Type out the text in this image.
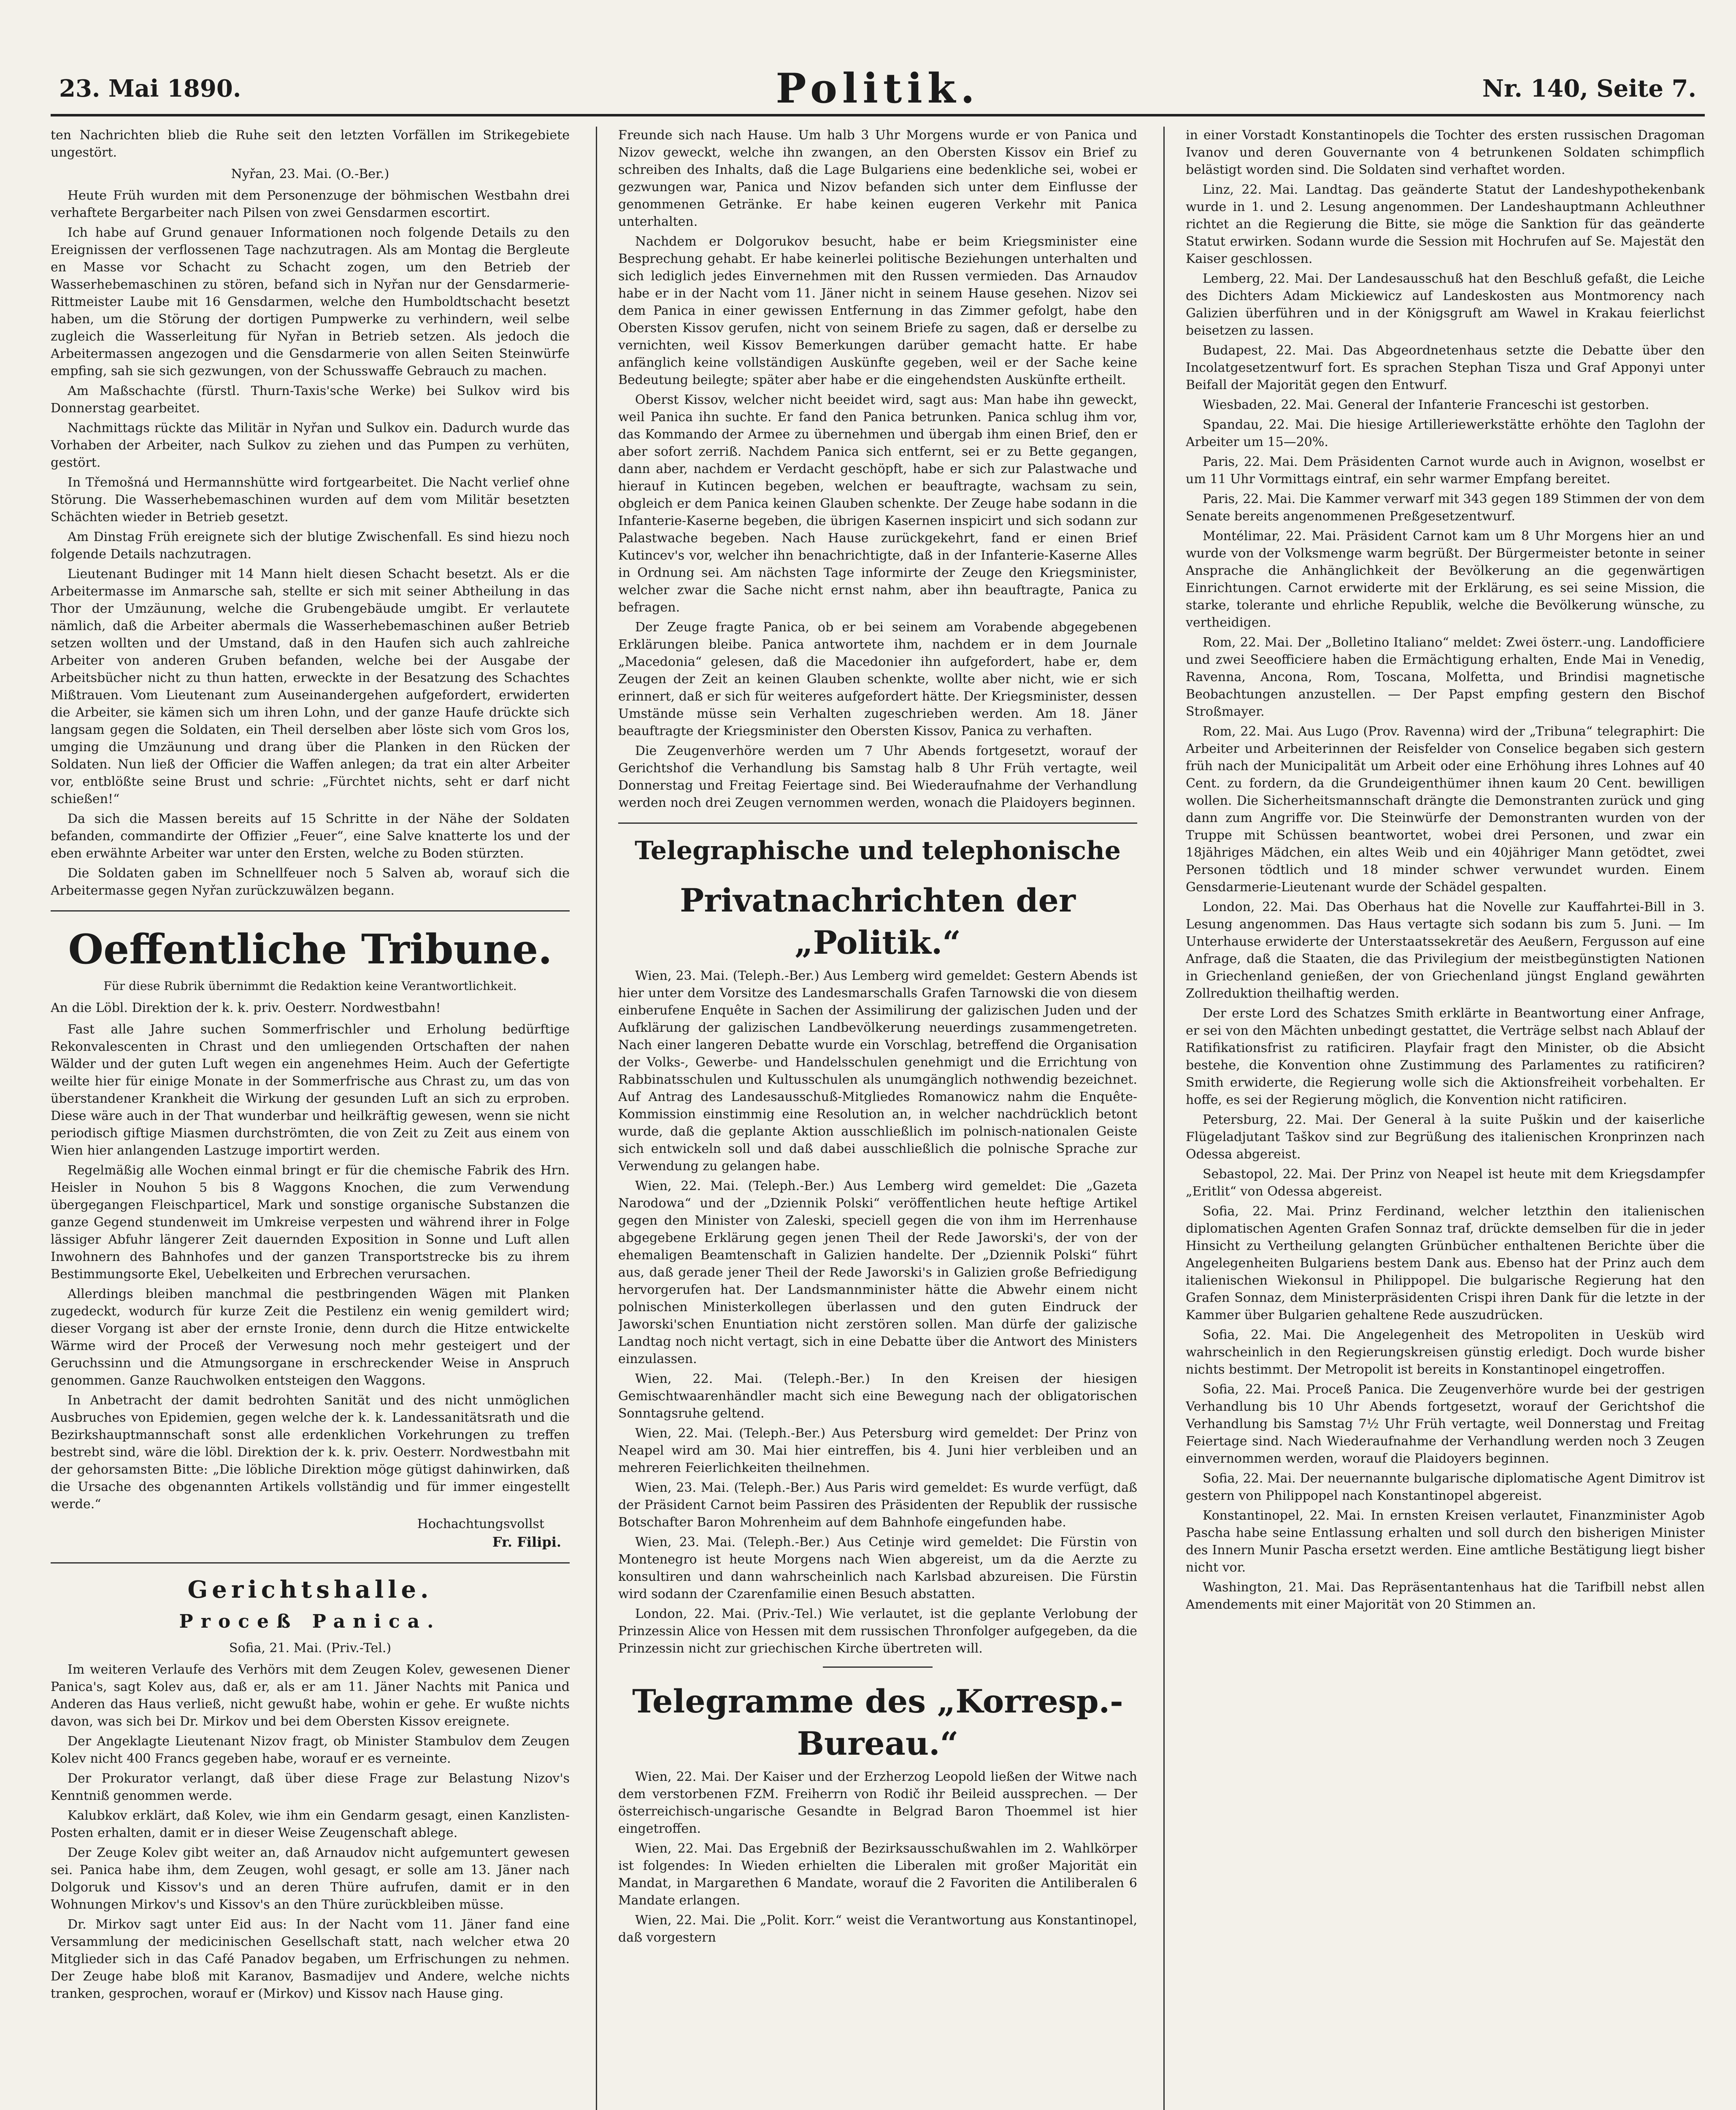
23. Mai 1890.	Politik.	Nr. 140, Seite 7.

ten Nachrichten blieb die Ruhe seit den letzten Vorfällen im Strikegebiete ungestört.

Nyřan, 23. Mai. (O.-Ber.)

Heute Früh wurden mit dem Personenzuge der böhmischen Westbahn drei verhaftete Bergarbeiter nach Pilsen von zwei Gensdarmen escortirt.

Ich habe auf Grund genauer Informationen noch folgende Details zu den Ereignissen der verflossenen Tage nachzutragen. Als am Montag die Bergleute en Masse vor Schacht zu Schacht zogen, um den Betrieb der Wasserhebemaschinen zu stören, befand sich in Nyřan nur der Gensdarmerie-Rittmeister Laube mit 16 Gensdarmen, welche den Humboldtschacht besetzt haben, um die Störung der dortigen Pumpwerke zu verhindern, weil selbe zugleich die Wasserleitung für Nyřan in Betrieb setzen. Als jedoch die Arbeitermassen angezogen und die Gensdarmerie von allen Seiten Steinwürfe empfing, sah sie sich gezwungen, von der Schusswaffe Gebrauch zu machen.

Am Maßschachte (fürstl. Thurn-Taxis'sche Werke) bei Sulkov wird bis Donnerstag gearbeitet.

Nachmittags rückte das Militär in Nyřan und Sulkov ein. Dadurch wurde das Vorhaben der Arbeiter, nach Sulkov zu ziehen und das Pumpen zu verhüten, gestört.

In Třemošná und Hermannshütte wird fortgearbeitet. Die Nacht verlief ohne Störung. Die Wasserhebemaschinen wurden auf dem vom Militär besetzten Schächten wieder in Betrieb gesetzt.

Am Dinstag Früh ereignete sich der blutige Zwischenfall. Es sind hiezu noch folgende Details nachzutragen.

Lieutenant Budinger mit 14 Mann hielt diesen Schacht besetzt. Als er die Arbeitermasse im Anmarsche sah, stellte er sich mit seiner Abtheilung in das Thor der Umzäunung, welche die Grubengebäude umgibt. Er verlautete nämlich, daß die Arbeiter abermals die Wasserhebemaschinen außer Betrieb setzen wollten und der Umstand, daß in den Haufen sich auch zahlreiche Arbeiter von anderen Gruben befanden, welche bei der Ausgabe der Arbeitsbücher nicht zu thun hatten, erweckte in der Besatzung des Schachtes Mißtrauen. Vom Lieutenant zum Auseinandergehen aufgefordert, erwiderten die Arbeiter, sie kämen sich um ihren Lohn, und der ganze Haufe drückte sich langsam gegen die Soldaten, ein Theil derselben aber löste sich vom Gros los, umging die Umzäunung und drang über die Planken in den Rücken der Soldaten. Nun ließ der Officier die Waffen anlegen; da trat ein alter Arbeiter vor, entblößte seine Brust und schrie: „Fürchtet nichts, seht er darf nicht schießen!“

Da sich die Massen bereits auf 15 Schritte in der Nähe der Soldaten befanden, commandirte der Offizier „Feuer“, eine Salve knatterte los und der eben erwähnte Arbeiter war unter den Ersten, welche zu Boden stürzten.

Die Soldaten gaben im Schnellfeuer noch 5 Salven ab, worauf sich die Arbeitermasse gegen Nyřan zurückzuwälzen begann.

Oeffentliche Tribune.
Für diese Rubrik übernimmt die Redaktion keine Verantwortlichkeit.
An die Löbl. Direktion der k. k. priv. Oesterr. Nordwestbahn!

Fast alle Jahre suchen Sommerfrischler und Erholung bedürftige Rekonvalescenten in Chrast und den umliegenden Ortschaften der nahen Wälder und der guten Luft wegen ein angenehmes Heim. Auch der Gefertigte weilte hier für einige Monate in der Sommerfrische aus Chrast zu, um das von überstandener Krankheit die Wirkung der gesunden Luft an sich zu erproben. Diese wäre auch in der That wunderbar und heilkräftig gewesen, wenn sie nicht periodisch giftige Miasmen durchströmten, die von Zeit zu Zeit aus einem von Wien hier anlangenden Lastzuge importirt werden.

Regelmäßig alle Wochen einmal bringt er für die chemische Fabrik des Hrn. Heisler in Nouhon 5 bis 8 Waggons Knochen, die zum Verwendung übergegangen Fleischparticel, Mark und sonstige organische Substanzen die ganze Gegend stundenweit im Umkreise verpesten und während ihrer in Folge lässiger Abfuhr längerer Zeit dauernden Exposition in Sonne und Luft allen Inwohnern des Bahnhofes und der ganzen Transportstrecke bis zu ihrem Bestimmungsorte Ekel, Uebelkeiten und Erbrechen verursachen.

Allerdings bleiben manchmal die pestbringenden Wägen mit Planken zugedeckt, wodurch für kurze Zeit die Pestilenz ein wenig gemildert wird; dieser Vorgang ist aber der ernste Ironie, denn durch die Hitze entwickelte Wärme wird der Proceß der Verwesung noch mehr gesteigert und der Geruchssinn und die Atmungsorgane in erschreckender Weise in Anspruch genommen. Ganze Rauchwolken entsteigen den Waggons.

In Anbetracht der damit bedrohten Sanität und des nicht unmöglichen Ausbruches von Epidemien, gegen welche der k. k. Landessanitätsrath und die Bezirkshauptmannschaft sonst alle erdenklichen Vorkehrungen zu treffen bestrebt sind, wäre die löbl. Direktion der k. k. priv. Oesterr. Nordwestbahn mit der gehorsamsten Bitte: „Die löbliche Direktion möge gütigst dahinwirken, daß die Ursache des obgenannten Artikels vollständig und für immer eingestellt werde.“

Hochachtungsvollst
Fr. Filipi.
Gerichtshalle.
Proceß Panica.
Sofia, 21. Mai. (Priv.-Tel.)

Im weiteren Verlaufe des Verhörs mit dem Zeugen Kolev, gewesenen Diener Panica's, sagt Kolev aus, daß er, als er am 11. Jäner Nachts mit Panica und Anderen das Haus verließ, nicht gewußt habe, wohin er gehe. Er wußte nichts davon, was sich bei Dr. Mirkov und bei dem Obersten Kissov ereignete.

Der Angeklagte Lieutenant Nizov fragt, ob Minister Stambulov dem Zeugen Kolev nicht 400 Francs gegeben habe, worauf er es verneinte.

Der Prokurator verlangt, daß über diese Frage zur Belastung Nizov's Kenntniß genommen werde.

Kalubkov erklärt, daß Kolev, wie ihm ein Gendarm gesagt, einen Kanzlisten-Posten erhalten, damit er in dieser Weise Zeugenschaft ablege.

Der Zeuge Kolev gibt weiter an, daß Arnaudov nicht aufgemuntert gewesen sei. Panica habe ihm, dem Zeugen, wohl gesagt, er solle am 13. Jäner nach Dolgoruk und Kissov's und an deren Thüre aufrufen, damit er in den Wohnungen Mirkov's und Kissov's an den Thüre zurückbleiben müsse.

Dr. Mirkov sagt unter Eid aus: In der Nacht vom 11. Jäner fand eine Versammlung der medicinischen Gesellschaft statt, nach welcher etwa 20 Mitglieder sich in das Café Panadov begaben, um Erfrischungen zu nehmen. Der Zeuge habe bloß mit Karanov, Basmadijev und Andere, welche nichts tranken, gesprochen, worauf er (Mirkov) und Kissov nach Hause ging.

Freunde sich nach Hause. Um halb 3 Uhr Morgens wurde er von Panica und Nizov geweckt, welche ihn zwangen, an den Obersten Kissov ein Brief zu schreiben des Inhalts, daß die Lage Bulgariens eine bedenkliche sei, wobei er gezwungen war, Panica und Nizov befanden sich unter dem Einflusse der genommenen Getränke. Er habe keinen eugeren Verkehr mit Panica unterhalten.

Nachdem er Dolgorukov besucht, habe er beim Kriegsminister eine Besprechung gehabt. Er habe keinerlei politische Beziehungen unterhalten und sich lediglich jedes Einvernehmen mit den Russen vermieden. Das Arnaudov habe er in der Nacht vom 11. Jäner nicht in seinem Hause gesehen. Nizov sei dem Panica in einer gewissen Entfernung in das Zimmer gefolgt, habe den Obersten Kissov gerufen, nicht von seinem Briefe zu sagen, daß er derselbe zu vernichten, weil Kissov Bemerkungen darüber gemacht hatte. Er habe anfänglich keine vollständigen Auskünfte gegeben, weil er der Sache keine Bedeutung beilegte; später aber habe er die eingehendsten Auskünfte ertheilt.

Oberst Kissov, welcher nicht beeidet wird, sagt aus: Man habe ihn geweckt, weil Panica ihn suchte. Er fand den Panica betrunken. Panica schlug ihm vor, das Kommando der Armee zu übernehmen und übergab ihm einen Brief, den er aber sofort zerriß. Nachdem Panica sich entfernt, sei er zu Bette gegangen, dann aber, nachdem er Verdacht geschöpft, habe er sich zur Palastwache und hierauf in Kutincen begeben, welchen er beauftragte, wachsam zu sein, obgleich er dem Panica keinen Glauben schenkte. Der Zeuge habe sodann in die Infanterie-Kaserne begeben, die übrigen Kasernen inspicirt und sich sodann zur Palastwache begeben. Nach Hause zurückgekehrt, fand er einen Brief Kutincev's vor, welcher ihn benachrichtigte, daß in der Infanterie-Kaserne Alles in Ordnung sei. Am nächsten Tage informirte der Zeuge den Kriegsminister, welcher zwar die Sache nicht ernst nahm, aber ihn beauftragte, Panica zu befragen.

Der Zeuge fragte Panica, ob er bei seinem am Vorabende abgegebenen Erklärungen bleibe. Panica antwortete ihm, nachdem er in dem Journale „Macedonia“ gelesen, daß die Macedonier ihn aufgefordert, habe er, dem Zeugen der Zeit an keinen Glauben schenkte, wollte aber nicht, wie er sich erinnert, daß er sich für weiteres aufgefordert hätte. Der Kriegsminister, dessen Umstände müsse sein Verhalten zugeschrieben werden. Am 18. Jäner beauftragte der Kriegsminister den Obersten Kissov, Panica zu verhaften.

Die Zeugenverhöre werden um 7 Uhr Abends fortgesetzt, worauf der Gerichtshof die Verhandlung bis Samstag halb 8 Uhr Früh vertagte, weil Donnerstag und Freitag Feiertage sind. Bei Wiederaufnahme der Verhandlung werden noch drei Zeugen vernommen werden, wonach die Plaidoyers beginnen.

Telegraphische und telephonische
Privatnachrichten der „Politik.“

Wien, 23. Mai. (Teleph.-Ber.) Aus Lemberg wird gemeldet: Gestern Abends ist hier unter dem Vorsitze des Landesmarschalls Grafen Tarnowski die von diesem einberufene Enquête in Sachen der Assimilirung der galizischen Juden und der Aufklärung der galizischen Landbevölkerung neuerdings zusammengetreten. Nach einer langeren Debatte wurde ein Vorschlag, betreffend die Organisation der Volks-, Gewerbe- und Handelsschulen genehmigt und die Errichtung von Rabbinatsschulen und Kultusschulen als unumgänglich nothwendig bezeichnet. Auf Antrag des Landesausschuß-Mitgliedes Romanowicz nahm die Enquête-Kommission einstimmig eine Resolution an, in welcher nachdrücklich betont wurde, daß die geplante Aktion ausschließlich im polnisch-nationalen Geiste sich entwickeln soll und daß dabei ausschließlich die polnische Sprache zur Verwendung zu gelangen habe.

Wien, 22. Mai. (Teleph.-Ber.) Aus Lemberg wird gemeldet: Die „Gazeta Narodowa“ und der „Dziennik Polski“ veröffentlichen heute heftige Artikel gegen den Minister von Zaleski, speciell gegen die von ihm im Herrenhause abgegebene Erklärung gegen jenen Theil der Rede Jaworski's, der von der ehemaligen Beamtenschaft in Galizien handelte. Der „Dziennik Polski“ führt aus, daß gerade jener Theil der Rede Jaworski's in Galizien große Befriedigung hervorgerufen hat. Der Landsmannminister hätte die Abwehr einem nicht polnischen Ministerkollegen überlassen und den guten Eindruck der Jaworski'schen Enuntiation nicht zerstören sollen. Man dürfe der galizische Landtag noch nicht vertagt, sich in eine Debatte über die Antwort des Ministers einzulassen.

Wien, 22. Mai. (Teleph.-Ber.) In den Kreisen der hiesigen Gemischtwaarenhändler macht sich eine Bewegung nach der obligatorischen Sonntagsruhe geltend.

Wien, 22. Mai. (Teleph.-Ber.) Aus Petersburg wird gemeldet: Der Prinz von Neapel wird am 30. Mai hier eintreffen, bis 4. Juni hier verbleiben und an mehreren Feierlichkeiten theilnehmen.

Wien, 23. Mai. (Teleph.-Ber.) Aus Paris wird gemeldet: Es wurde verfügt, daß der Präsident Carnot beim Passiren des Präsidenten der Republik der russische Botschafter Baron Mohrenheim auf dem Bahnhofe eingefunden habe.

Wien, 23. Mai. (Teleph.-Ber.) Aus Cetinje wird gemeldet: Die Fürstin von Montenegro ist heute Morgens nach Wien abgereist, um da die Aerzte zu konsultiren und dann wahrscheinlich nach Karlsbad abzureisen. Die Fürstin wird sodann der Czarenfamilie einen Besuch abstatten.

London, 22. Mai. (Priv.-Tel.) Wie verlautet, ist die geplante Verlobung der Prinzessin Alice von Hessen mit dem russischen Thronfolger aufgegeben, da die Prinzessin nicht zur griechischen Kirche übertreten will.

Telegramme des „Korresp.-Bureau.“

Wien, 22. Mai. Der Kaiser und der Erzherzog Leopold ließen der Witwe nach dem verstorbenen FZM. Freiherrn von Rodič ihr Beileid aussprechen. — Der österreichisch-ungarische Gesandte in Belgrad Baron Thoemmel ist hier eingetroffen.

Wien, 22. Mai. Das Ergebniß der Bezirksausschußwahlen im 2. Wahlkörper ist folgendes: In Wieden erhielten die Liberalen mit großer Majorität ein Mandat, in Margarethen 6 Mandate, worauf die 2 Favoriten die Antiliberalen 6 Mandate erlangen.

Wien, 22. Mai. Die „Polit. Korr.“ weist die Verantwortung aus Konstantinopel, daß vorgestern

in einer Vorstadt Konstantinopels die Tochter des ersten russischen Dragoman Ivanov und deren Gouvernante von 4 betrunkenen Soldaten schimpflich belästigt worden sind. Die Soldaten sind verhaftet worden.

Linz, 22. Mai. Landtag. Das geänderte Statut der Landeshypothekenbank wurde in 1. und 2. Lesung angenommen. Der Landeshauptmann Achleuthner richtet an die Regierung die Bitte, sie möge die Sanktion für das geänderte Statut erwirken. Sodann wurde die Session mit Hochrufen auf Se. Majestät den Kaiser geschlossen.

Lemberg, 22. Mai. Der Landesausschuß hat den Beschluß gefaßt, die Leiche des Dichters Adam Mickiewicz auf Landeskosten aus Montmorency nach Galizien überführen und in der Königsgruft am Wawel in Krakau feierlichst beisetzen zu lassen.

Budapest, 22. Mai. Das Abgeordnetenhaus setzte die Debatte über den Incolatgesetzentwurf fort. Es sprachen Stephan Tisza und Graf Apponyi unter Beifall der Majorität gegen den Entwurf.

Wiesbaden, 22. Mai. General der Infanterie Franceschi ist gestorben.

Spandau, 22. Mai. Die hiesige Artilleriewerkstätte erhöhte den Taglohn der Arbeiter um 15—20%.

Paris, 22. Mai. Dem Präsidenten Carnot wurde auch in Avignon, woselbst er um 11 Uhr Vormittags eintraf, ein sehr warmer Empfang bereitet.

Paris, 22. Mai. Die Kammer verwarf mit 343 gegen 189 Stimmen der von dem Senate bereits angenommenen Preßgesetzentwurf.

Montélimar, 22. Mai. Präsident Carnot kam um 8 Uhr Morgens hier an und wurde von der Volksmenge warm begrüßt. Der Bürgermeister betonte in seiner Ansprache die Anhänglichkeit der Bevölkerung an die gegenwärtigen Einrichtungen. Carnot erwiderte mit der Erklärung, es sei seine Mission, die starke, tolerante und ehrliche Republik, welche die Bevölkerung wünsche, zu vertheidigen.

Rom, 22. Mai. Der „Bolletino Italiano“ meldet: Zwei österr.-ung. Landofficiere und zwei Seeofficiere haben die Ermächtigung erhalten, Ende Mai in Venedig, Ravenna, Ancona, Rom, Toscana, Molfetta, und Brindisi magnetische Beobachtungen anzustellen. — Der Papst empfing gestern den Bischof Stroßmayer.

Rom, 22. Mai. Aus Lugo (Prov. Ravenna) wird der „Tribuna“ telegraphirt: Die Arbeiter und Arbeiterinnen der Reisfelder von Conselice begaben sich gestern früh nach der Municipalität um Arbeit oder eine Erhöhung ihres Lohnes auf 40 Cent. zu fordern, da die Grundeigenthümer ihnen kaum 20 Cent. bewilligen wollen. Die Sicherheitsmannschaft drängte die Demonstranten zurück und ging dann zum Angriffe vor. Die Steinwürfe der Demonstranten wurden von der Truppe mit Schüssen beantwortet, wobei drei Personen, und zwar ein 18jähriges Mädchen, ein altes Weib und ein 40jähriger Mann getödtet, zwei Personen tödtlich und 18 minder schwer verwundet wurden. Einem Gensdarmerie-Lieutenant wurde der Schädel gespalten.

London, 22. Mai. Das Oberhaus hat die Novelle zur Kauffahrtei-Bill in 3. Lesung angenommen. Das Haus vertagte sich sodann bis zum 5. Juni. — Im Unterhause erwiderte der Unterstaatssekretär des Aeußern, Fergusson auf eine Anfrage, daß die Staaten, die das Privilegium der meistbegünstigten Nationen in Griechenland genießen, der von Griechenland jüngst England gewährten Zollreduktion theilhaftig werden.

Der erste Lord des Schatzes Smith erklärte in Beantwortung einer Anfrage, er sei von den Mächten unbedingt gestattet, die Verträge selbst nach Ablauf der Ratifikationsfrist zu ratificiren. Playfair fragt den Minister, ob die Absicht bestehe, die Konvention ohne Zustimmung des Parlamentes zu ratificiren? Smith erwiderte, die Regierung wolle sich die Aktionsfreiheit vorbehalten. Er hoffe, es sei der Regierung möglich, die Konvention nicht ratificiren.

Petersburg, 22. Mai. Der General à la suite Puškin und der kaiserliche Flügeladjutant Taškov sind zur Begrüßung des italienischen Kronprinzen nach Odessa abgereist.

Sebastopol, 22. Mai. Der Prinz von Neapel ist heute mit dem Kriegsdampfer „Eritlit“ von Odessa abgereist.

Sofia, 22. Mai. Prinz Ferdinand, welcher letzthin den italienischen diplomatischen Agenten Grafen Sonnaz traf, drückte demselben für die in jeder Hinsicht zu Vertheilung gelangten Grünbücher enthaltenen Berichte über die Angelegenheiten Bulgariens bestem Dank aus. Ebenso hat der Prinz auch dem italienischen Wiekonsul in Philippopel. Die bulgarische Regierung hat den Grafen Sonnaz, dem Ministerpräsidenten Crispi ihren Dank für die letzte in der Kammer über Bulgarien gehaltene Rede auszudrücken.

Sofia, 22. Mai. Die Angelegenheit des Metropoliten in Uesküb wird wahrscheinlich in den Regierungskreisen günstig erledigt. Doch wurde bisher nichts bestimmt. Der Metropolit ist bereits in Konstantinopel eingetroffen.

Sofia, 22. Mai. Proceß Panica. Die Zeugenverhöre wurde bei der gestrigen Verhandlung bis 10 Uhr Abends fortgesetzt, worauf der Gerichtshof die Verhandlung bis Samstag 7½ Uhr Früh vertagte, weil Donnerstag und Freitag Feiertage sind. Nach Wiederaufnahme der Verhandlung werden noch 3 Zeugen einvernommen werden, worauf die Plaidoyers beginnen.

Sofia, 22. Mai. Der neuernannte bulgarische diplomatische Agent Dimitrov ist gestern von Philippopel nach Konstantinopel abgereist.

Konstantinopel, 22. Mai. In ernsten Kreisen verlautet, Finanzminister Agob Pascha habe seine Entlassung erhalten und soll durch den bisherigen Minister des Innern Munir Pascha ersetzt werden. Eine amtliche Bestätigung liegt bisher nicht vor.

Washington, 21. Mai. Das Repräsentantenhaus hat die Tarifbill nebst allen Amendements mit einer Majorität von 20 Stimmen an.
